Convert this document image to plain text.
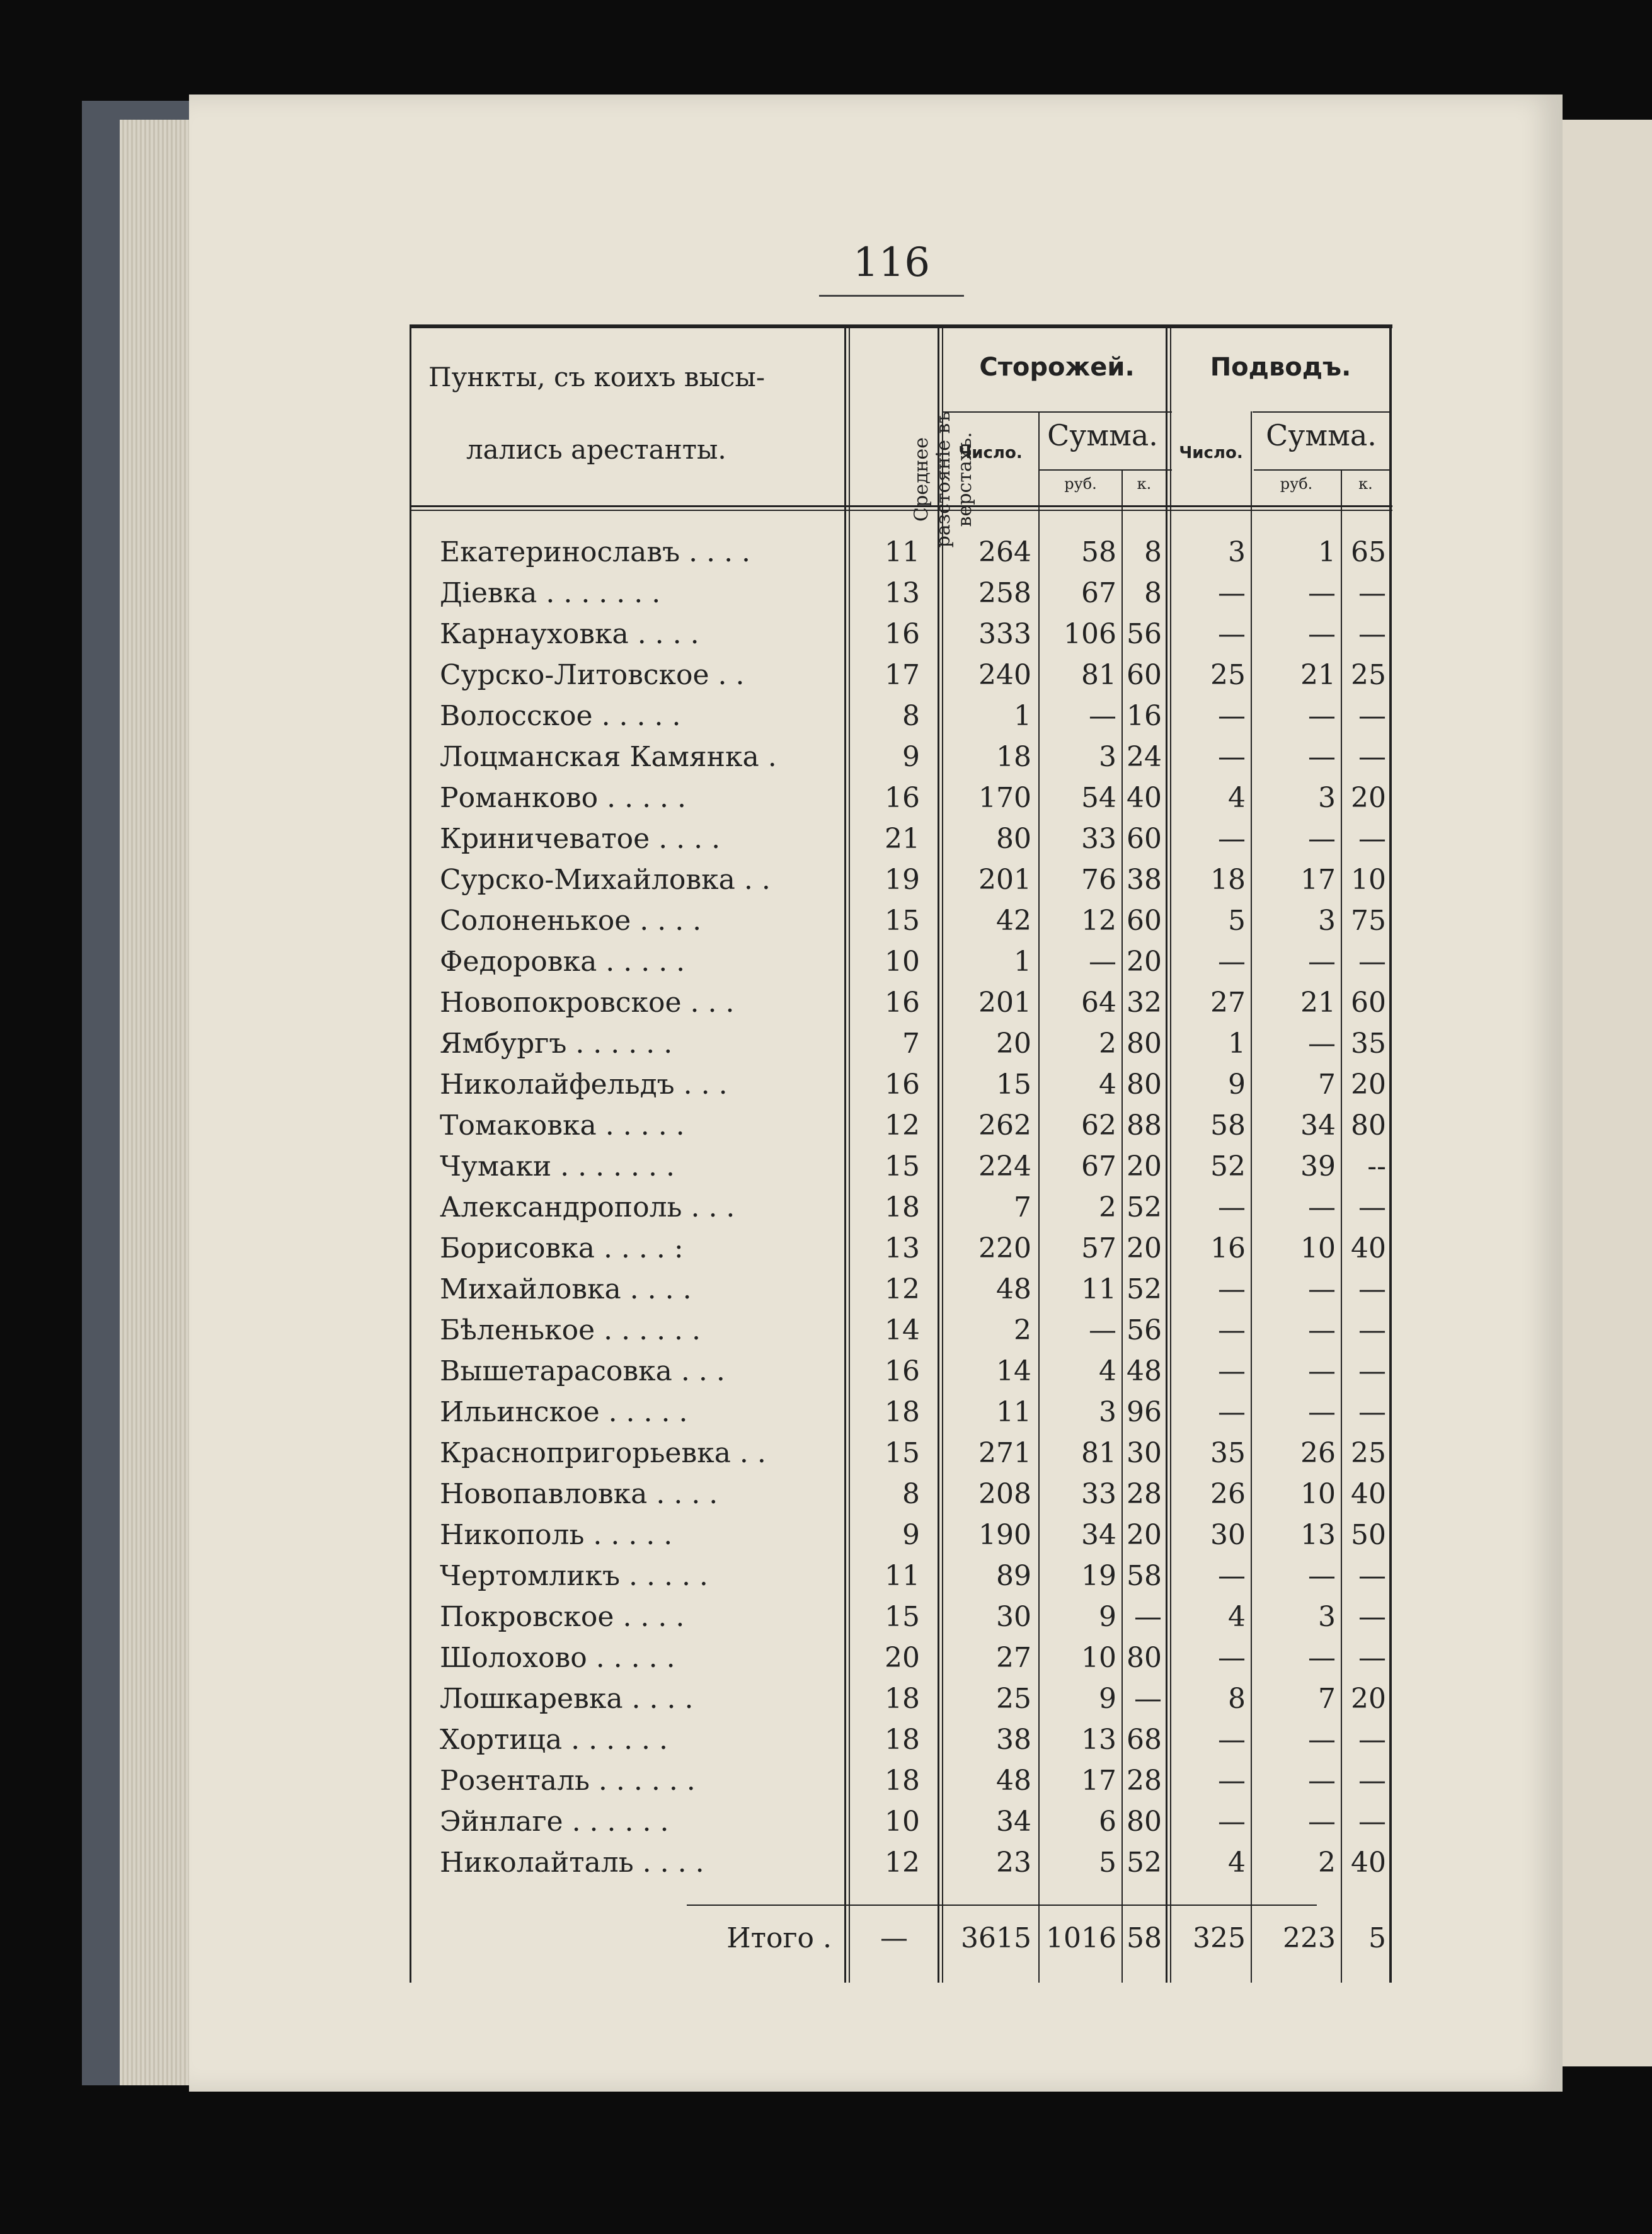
116
Пункты, съ коихъ высы-
лались арестанты.	Среднее разстояніе въ верстахъ.
Сторожей.	Подводъ.
Число.
Сумма.
руб.	к.
Число.
Сумма.
руб.	к.
Екатеринославъ . . . .	11	264	58	8	3	1 65
Діевка . . . . . . .	13	258	67	8	—	— —
Карнауховка . . . .	16	333	106 56	—	— —
Сурско-Литовское . .	17	240	81 60	25	21 25
Волосское . . . . .	8	1	— 16	—	— —
Лоцманская Камянка .	9	18	3 24	—	— —
Романково . . . . .	16	170	54 40	4	3 20
Криничеватое . . . .	21	80	33 60	—	— —
Сурско-Михайловка . .	19	201	76 38	18	17 10
Солоненькое . . . .	15	42	12 60	5	3 75
Федоровка . . . . .	10	1	— 20	—	— —
Новопокровское . . .	16	201	64 32	27	21 60
Ямбургъ . . . . . .	7	20	2 80	1	— 35
Николайфельдъ . . .	16	15	4 80	9	7 20
Томаковка . . . . .	12	262	62 88	58	34 80
Чумаки . . . . . . .	15	224	67 20	52	39	--
Александрополь . . .	18	7	2 52	—	— —
Борисовка . . . . :	13	220	57 20	16	10 40
Михайловка . . . .	12	48	11 52	—	— —
Бѣленькое . . . . . .	14	2	— 56	—	— —
Вышетарасовка . . .	16	14	4 48	—	— —
Ильинское . . . . .	18	11	3 96	—	— —
Краснопригорьевка . .	15	271	81 30	35	26 25
Новопавловка . . . .	8	208	33 28	26	10 40
Никополь . . . . .	9	190	34 20	30	13 50
Чертомликъ . . . . .	11	89	19 58	—	— —
Покровское . . . .	15	30	9 —	4	3 —
Шолохово . . . . .	20	27	10 80	—	— —
Лошкаревка . . . .	18	25	9 —	8	7 20
Хортица . . . . . .	18	38	13 68	—	— —
Розенталь . . . . . .	18	48	17 28	—	— —
Эйнлаге . . . . . .	10	34	6 80	—	— —
Николайталь . . . .	12	23	5 52	4	2 40
Итого .	—	3615 1016 58	325	223	5
